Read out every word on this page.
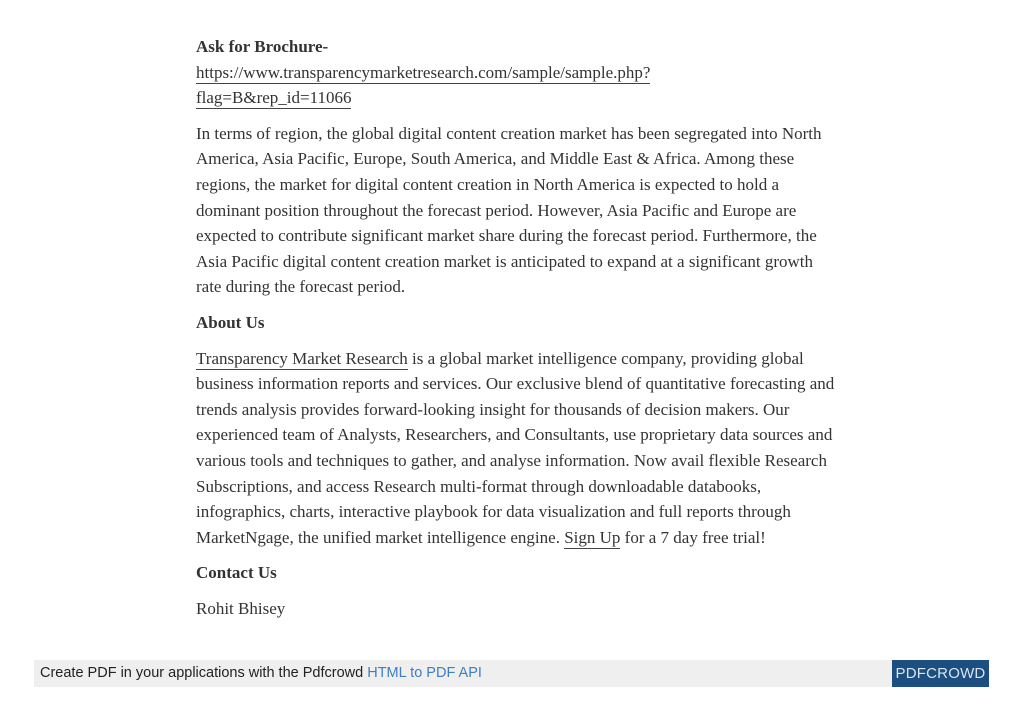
Ask for Brochure-

https://www.transparencymarketresearch.com/sample/sample.php?
flag=B&rep_id=11066

In terms of region, the global digital content creation market has been segregated into North America, Asia Pacific, Europe, South America, and Middle East & Africa. Among these regions, the market for digital content creation in North America is expected to hold a dominant position throughout the forecast period. However, Asia Pacific and Europe are expected to contribute significant market share during the forecast period. Furthermore, the Asia Pacific digital content creation market is anticipated to expand at a significant growth rate during the forecast period.

About Us

Transparency Market Research is a global market intelligence company, providing global business information reports and services. Our exclusive blend of quantitative forecasting and trends analysis provides forward-looking insight for thousands of decision makers. Our experienced team of Analysts, Researchers, and Consultants, use proprietary data sources and various tools and techniques to gather, and analyse information. Now avail flexible Research Subscriptions, and access Research multi-format through downloadable databooks, infographics, charts, interactive playbook for data visualization and full reports through MarketNgage, the unified market intelligence engine. Sign Up for a 7 day free trial!

Contact Us

Rohit Bhisey

Create PDF in your applications with the Pdfcrowd HTML to PDF API	PDFCROWD
